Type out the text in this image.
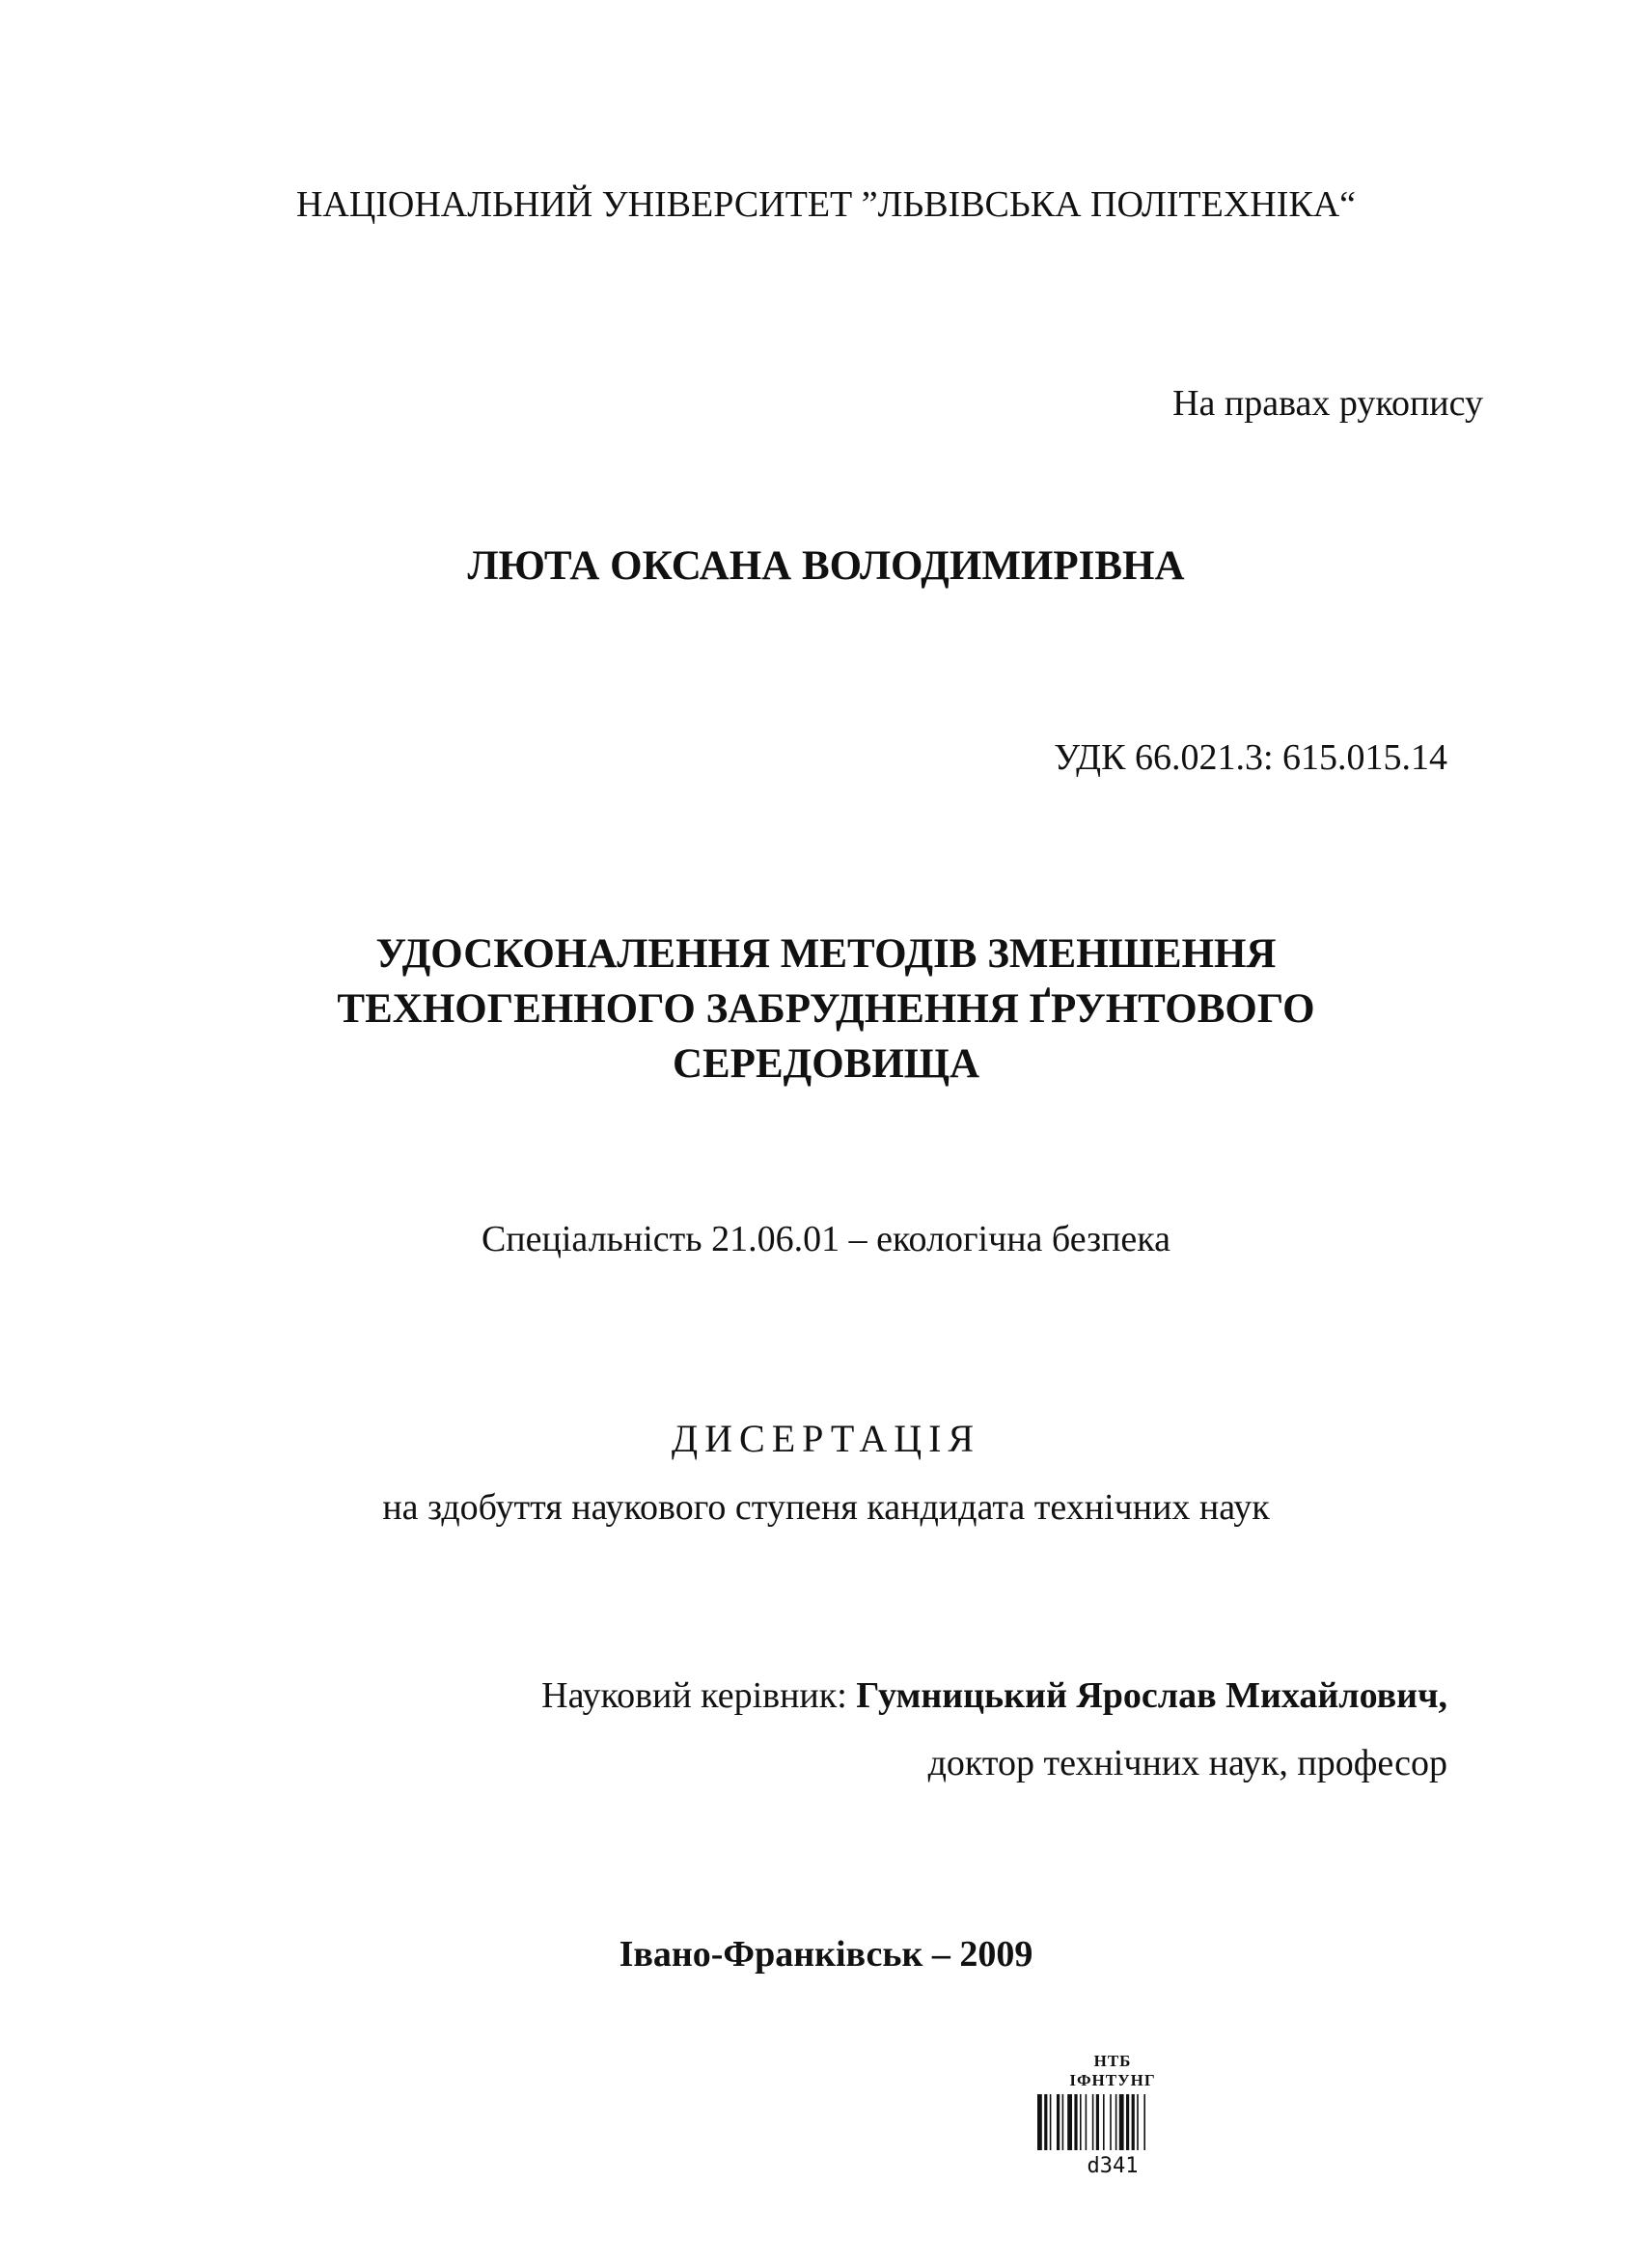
НАЦІОНАЛЬНИЙ УНІВЕРСИТЕТ ”ЛЬВІВСЬКА ПОЛІТЕХНІКА“
На правах рукопису
ЛЮТА ОКСАНА ВОЛОДИМИРІВНА
УДК 66.021.3: 615.015.14
УДОСКОНАЛЕННЯ МЕТОДІВ ЗМЕНШЕННЯ
ТЕХНОГЕННОГО ЗАБРУДНЕННЯ ҐРУНТОВОГО
СЕРЕДОВИЩА
Спеціальність 21.06.01 – екологічна безпека
ДИСЕРТАЦІЯ
на здобуття наукового ступеня кандидата технічних наук
Науковий керівник: Гумницький Ярослав Михайлович,
доктор технічних наук, професор
Івано-Франківськ – 2009
НТБ
ІФНТУНГ
d341
